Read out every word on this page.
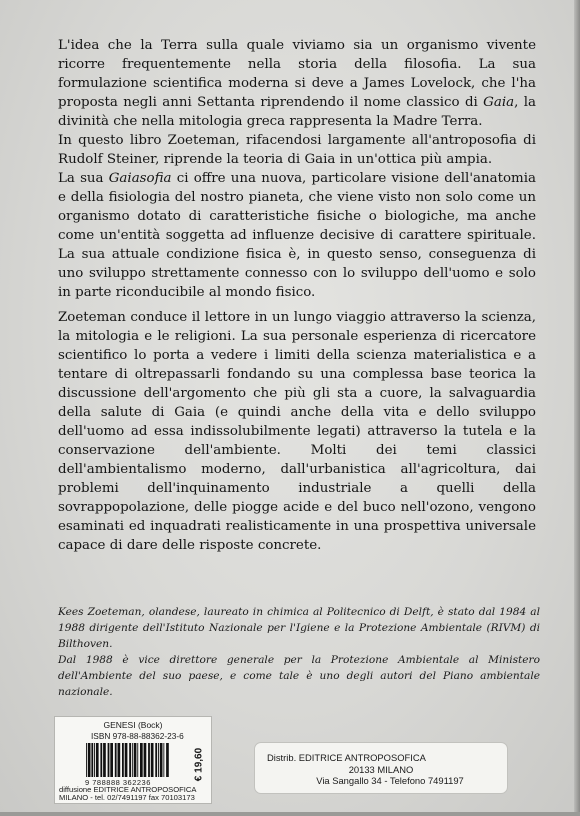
L'idea che la Terra sulla quale viviamo sia un organismo vivente ricorre frequentemente nella storia della filosofia. La sua formulazione scientifica moderna si deve a James Lovelock, che l'ha proposta negli anni Settanta riprendendo il nome classico di Gaia, la divinità che nella mitologia greca rappresenta la Madre Terra.

In questo libro Zoeteman, rifacendosi largamente all'antroposofia di Rudolf Steiner, riprende la teoria di Gaia in un'ottica più ampia.

La sua Gaiasofia ci offre una nuova, particolare visione dell'anatomia e della fisiologia del nostro pianeta, che viene visto non solo come un organismo dotato di caratteristiche fisiche o biologiche, ma anche come un'entità soggetta ad influenze decisive di carattere spirituale. La sua attuale condizione fisica è, in questo senso, conseguenza di uno sviluppo strettamente connesso con lo sviluppo dell'uomo e solo in parte riconducibile al mondo fisico.

Zoeteman conduce il lettore in un lungo viaggio attraverso la scienza, la mitologia e le religioni. La sua personale esperienza di ricercatore scientifico lo porta a vedere i limiti della scienza materialistica e a tentare di oltrepassarli fondando su una complessa base teorica la discussione dell'argomento che più gli sta a cuore, la salvaguardia della salute di Gaia (e quindi anche della vita e dello sviluppo dell'uomo ad essa indissolubilmente legati) attraverso la tutela e la conservazione dell'ambiente. Molti dei temi classici dell'ambientalismo moderno, dall'urbanistica all'agricoltura, dai problemi dell'inquinamento industriale a quelli della sovrappopolazione, delle piogge acide e del buco nell'ozono, vengono esaminati ed inquadrati realisticamente in una prospettiva universale capace di dare delle risposte concrete.

Kees Zoeteman, olandese, laureato in chimica al Politecnico di Delft, è stato dal 1984 al 1988 dirigente dell'Istituto Nazionale per l'Igiene e la Protezione Ambientale (RIVM) di Bilthoven.

Dal 1988 è vice direttore generale per la Protezione Ambientale al Ministero dell'Ambiente del suo paese, e come tale è uno degli autori del Piano ambientale nazionale.

GENESI (Bock)
ISBN 978-88-88362-23-6
9 788888 362236
€ 19,60
diffusione EDITRICE ANTROPOSOFICA
MILANO - tel. 02/7491197 fax 70103173
Distrib. EDITRICE ANTROPOSOFICA
20133 MILANO
Via Sangallo 34 - Telefono 7491197
